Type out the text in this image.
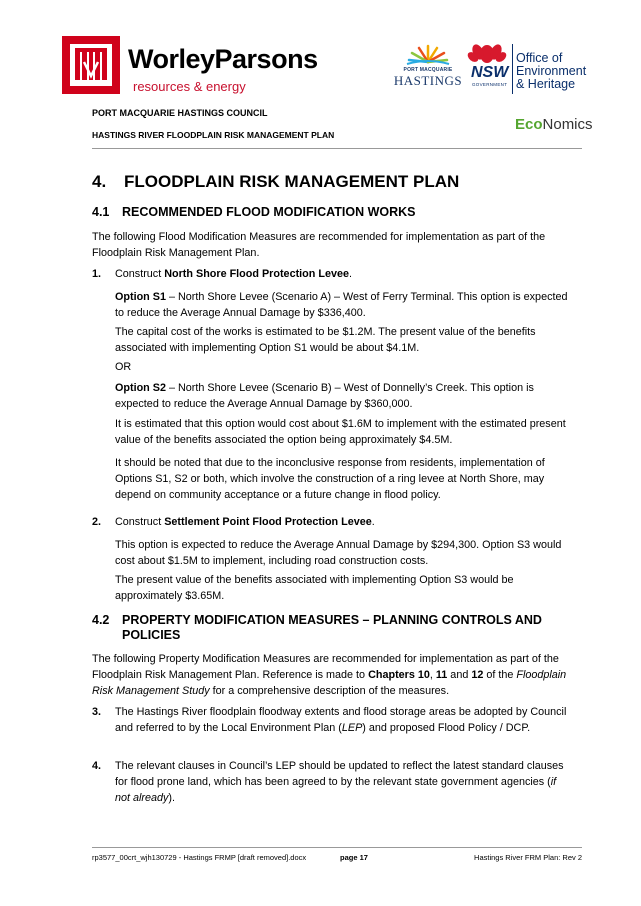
WorleyParsons
resources & energy
PORT MACQUARIE
HASTINGS NSW
GOVERNMENT
Office of
Environment
& Heritage
PORT MACQUARIE HASTINGS COUNCIL
HASTINGS RIVER FLOODPLAIN RISK MANAGEMENT PLAN
EcoNomics
4. FLOODPLAIN RISK MANAGEMENT PLAN
4.1 RECOMMENDED FLOOD MODIFICATION WORKS
The following Flood Modification Measures are recommended for implementation as part of the Floodplain Risk Management Plan.
1. Construct North Shore Flood Protection Levee.
Option S1 – North Shore Levee (Scenario A) – West of Ferry Terminal. This option is expected to reduce the Average Annual Damage by $336,400.
The capital cost of the works is estimated to be $1.2M. The present value of the benefits associated with implementing Option S1 would be about $4.1M.
OR
Option S2 – North Shore Levee (Scenario B) – West of Donnelly’s Creek. This option is expected to reduce the Average Annual Damage by $360,000.
It is estimated that this option would cost about $1.6M to implement with the estimated present value of the benefits associated the option being approximately $4.5M.
It should be noted that due to the inconclusive response from residents, implementation of Options S1, S2 or both, which involve the construction of a ring levee at North Shore, may depend on community acceptance or a future change in flood policy.
2. Construct Settlement Point Flood Protection Levee.
This option is expected to reduce the Average Annual Damage by $294,300. Option S3 would cost about $1.5M to implement, including road construction costs.
The present value of the benefits associated with implementing Option S3 would be approximately $3.65M.
4.2 PROPERTY MODIFICATION MEASURES – PLANNING CONTROLS AND
POLICIES
The following Property Modification Measures are recommended for implementation as part of the Floodplain Risk Management Plan. Reference is made to Chapters 10, 11 and 12 of the Floodplain Risk Management Study for a comprehensive description of the measures.
3. The Hastings River floodplain floodway extents and flood storage areas be adopted by Council and referred to by the Local Environment Plan (LEP) and proposed Flood Policy / DCP.
4. The relevant clauses in Council’s LEP should be updated to reflect the latest standard clauses for flood prone land, which has been agreed to by the relevant state government agencies (if not already).
rp3577_00crt_wjh130729 - Hastings FRMP [draft removed].docx	page 17	Hastings River FRM Plan: Rev 2
